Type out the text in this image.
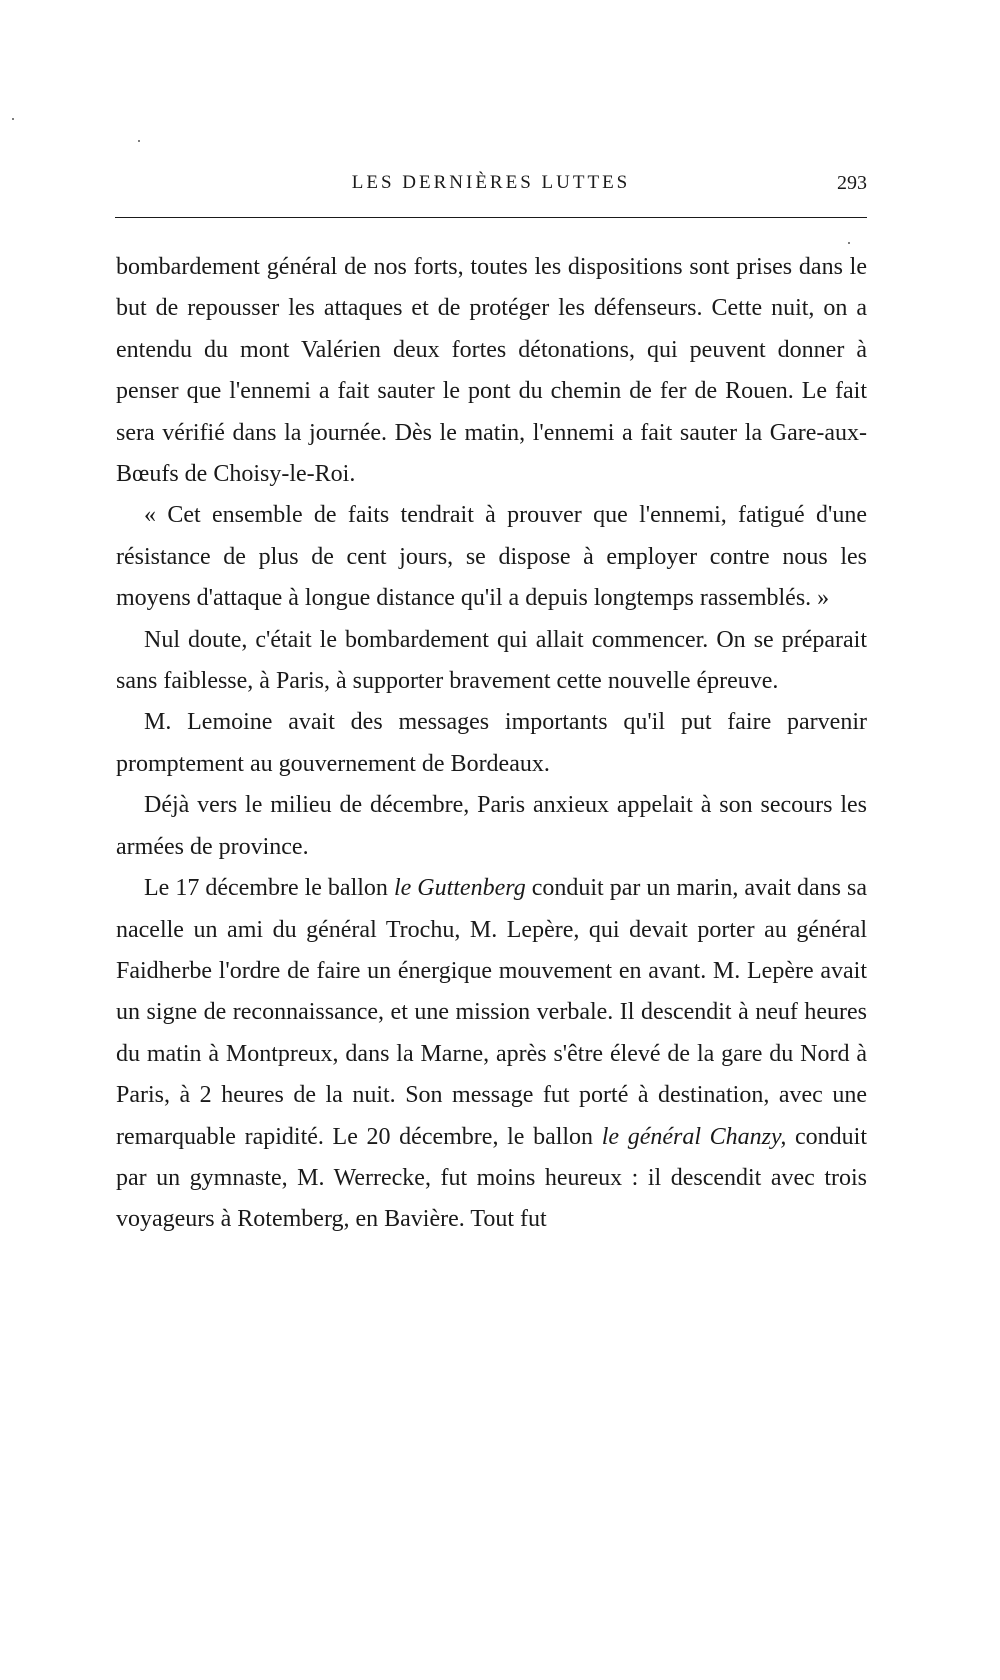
LES DERNIÈRES LUTTES	293

bombardement général de nos forts, toutes les dispositions sont prises dans le but de repousser les attaques et de protéger les défenseurs. Cette nuit, on a entendu du mont Valérien deux fortes détonations, qui peuvent donner à penser que l'ennemi a fait sauter le pont du chemin de fer de Rouen. Le fait sera vérifié dans la journée. Dès le matin, l'ennemi a fait sauter la Gare-aux-Bœufs de Choisy-le-Roi.

« Cet ensemble de faits tendrait à prouver que l'ennemi, fatigué d'une résistance de plus de cent jours, se dispose à employer contre nous les moyens d'attaque à longue distance qu'il a depuis longtemps rassemblés. »

Nul doute, c'était le bombardement qui allait commencer. On se préparait sans faiblesse, à Paris, à supporter bravement cette nouvelle épreuve.

M. Lemoine avait des messages importants qu'il put faire parvenir promptement au gouvernement de Bordeaux.

Déjà vers le milieu de décembre, Paris anxieux appelait à son secours les armées de province.

Le 17 décembre le ballon le Guttenberg conduit par un marin, avait dans sa nacelle un ami du général Trochu, M. Lepère, qui devait porter au général Faidherbe l'ordre de faire un énergique mouvement en avant. M. Lepère avait un signe de reconnaissance, et une mission verbale. Il descendit à neuf heures du matin à Montpreux, dans la Marne, après s'être élevé de la gare du Nord à Paris, à 2 heures de la nuit. Son message fut porté à destination, avec une remarquable rapidité. Le 20 décembre, le ballon le général Chanzy, conduit par un gymnaste, M. Werrecke, fut moins heureux : il descendit avec trois voyageurs à Rotemberg, en Bavière. Tout fut
